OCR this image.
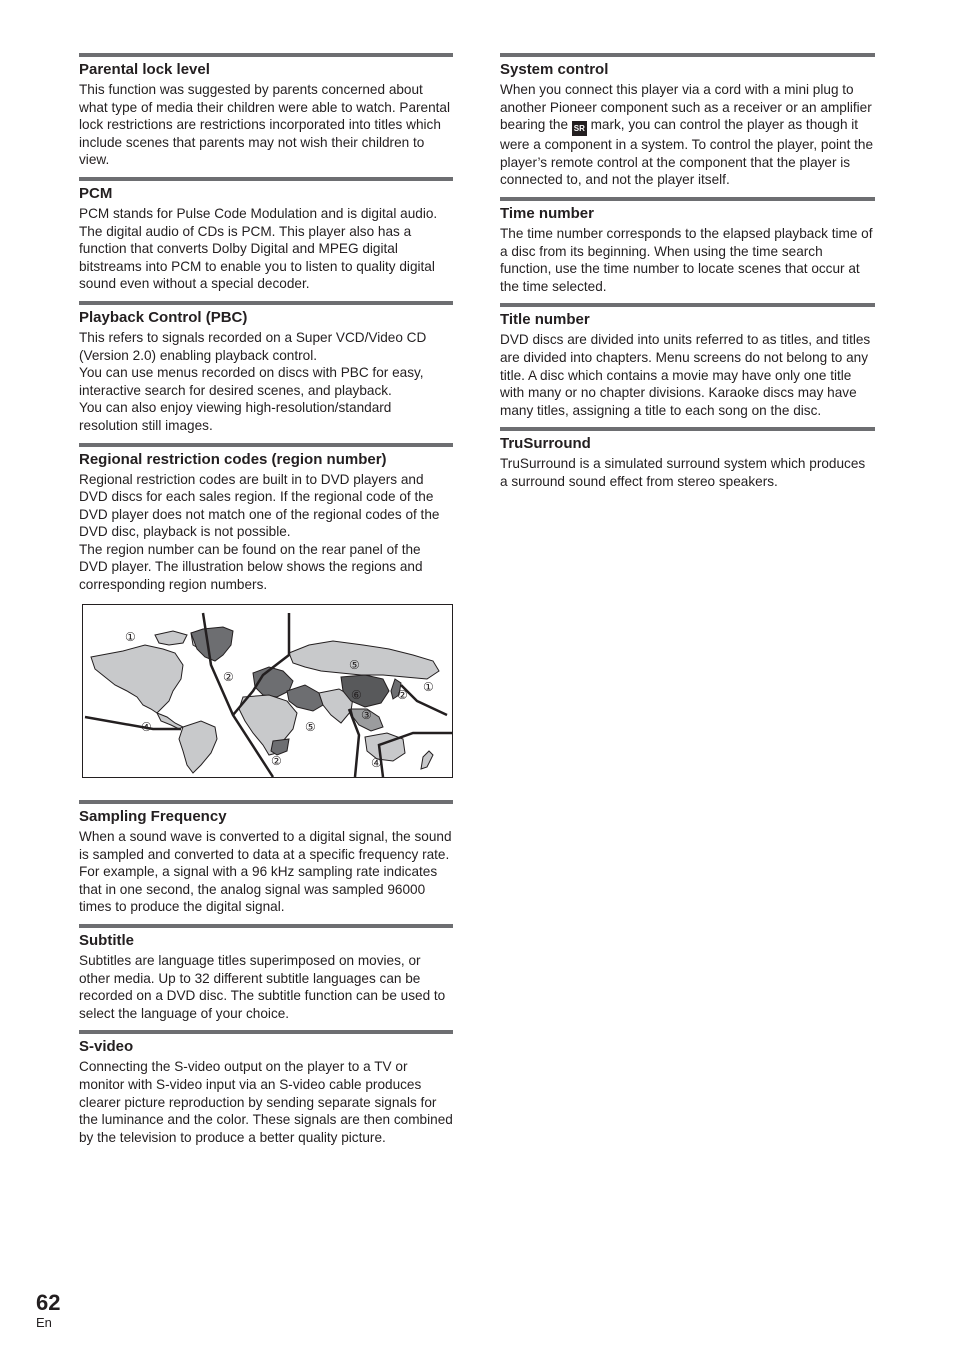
Parental lock level

This function was suggested by parents concerned about what type of media their children were able to watch. Parental lock restrictions are restrictions incorporated into titles which include scenes that parents may not wish their children to view.

PCM

PCM stands for Pulse Code Modulation and is digital audio. The digital audio of CDs is PCM. This player also has a function that converts Dolby Digital and MPEG digital bitstreams into PCM to enable you to listen to quality digital sound even without a special decoder.

Playback Control (PBC)

This refers to signals recorded on a Super VCD/Video CD (Version 2.0) enabling playback control.
You can use menus recorded on discs with PBC for easy, interactive search for desired scenes, and playback.
You can also enjoy viewing high-resolution/standard resolution still images.

Regional restriction codes (region number)

Regional restriction codes are built in to DVD players and DVD discs for each sales region. If the regional code of the DVD player does not match one of the regional codes of the DVD disc, playback is not possible.
The region number can be found on the rear panel of the DVD player. The illustration below shows the regions and corresponding region numbers.

①
②
④	⑤
②
⑤
⑥	②
①
③
④
Sampling Frequency

When a sound wave is converted to a digital signal, the sound is sampled and converted to data at a specific frequency rate. For example, a signal with a 96 kHz sampling rate indicates that in one second, the analog signal was sampled 96000 times to produce the digital signal.

Subtitle

Subtitles are language titles superimposed on movies, or other media. Up to 32 different subtitle languages can be recorded on a DVD disc. The subtitle function can be used to select the language of your choice.

S-video

Connecting the S-video output on the player to a TV or monitor with S-video input via an S-video cable produces clearer picture reproduction by sending separate signals for the luminance and the color. These signals are then combined by the television to produce a better quality picture.

System control

When you connect this player via a cord with a mini plug to another Pioneer component such as a receiver or an amplifier bearing the SR mark, you can control the player as though it were a component in a system. To control the player, point the player’s remote control at the component that the player is connected to, and not the player itself.

Time number

The time number corresponds to the elapsed playback time of a disc from its beginning. When using the time search function, use the time number to locate scenes that occur at the time selected.

Title number

DVD discs are divided into units referred to as titles, and titles are divided into chapters. Menu screens do not belong to any title. A disc which contains a movie may have only one title with many or no chapter divisions. Karaoke discs may have many titles, assigning a title to each song on the disc.

TruSurround

TruSurround is a simulated surround system which produces a surround sound effect from stereo speakers.

62
En
